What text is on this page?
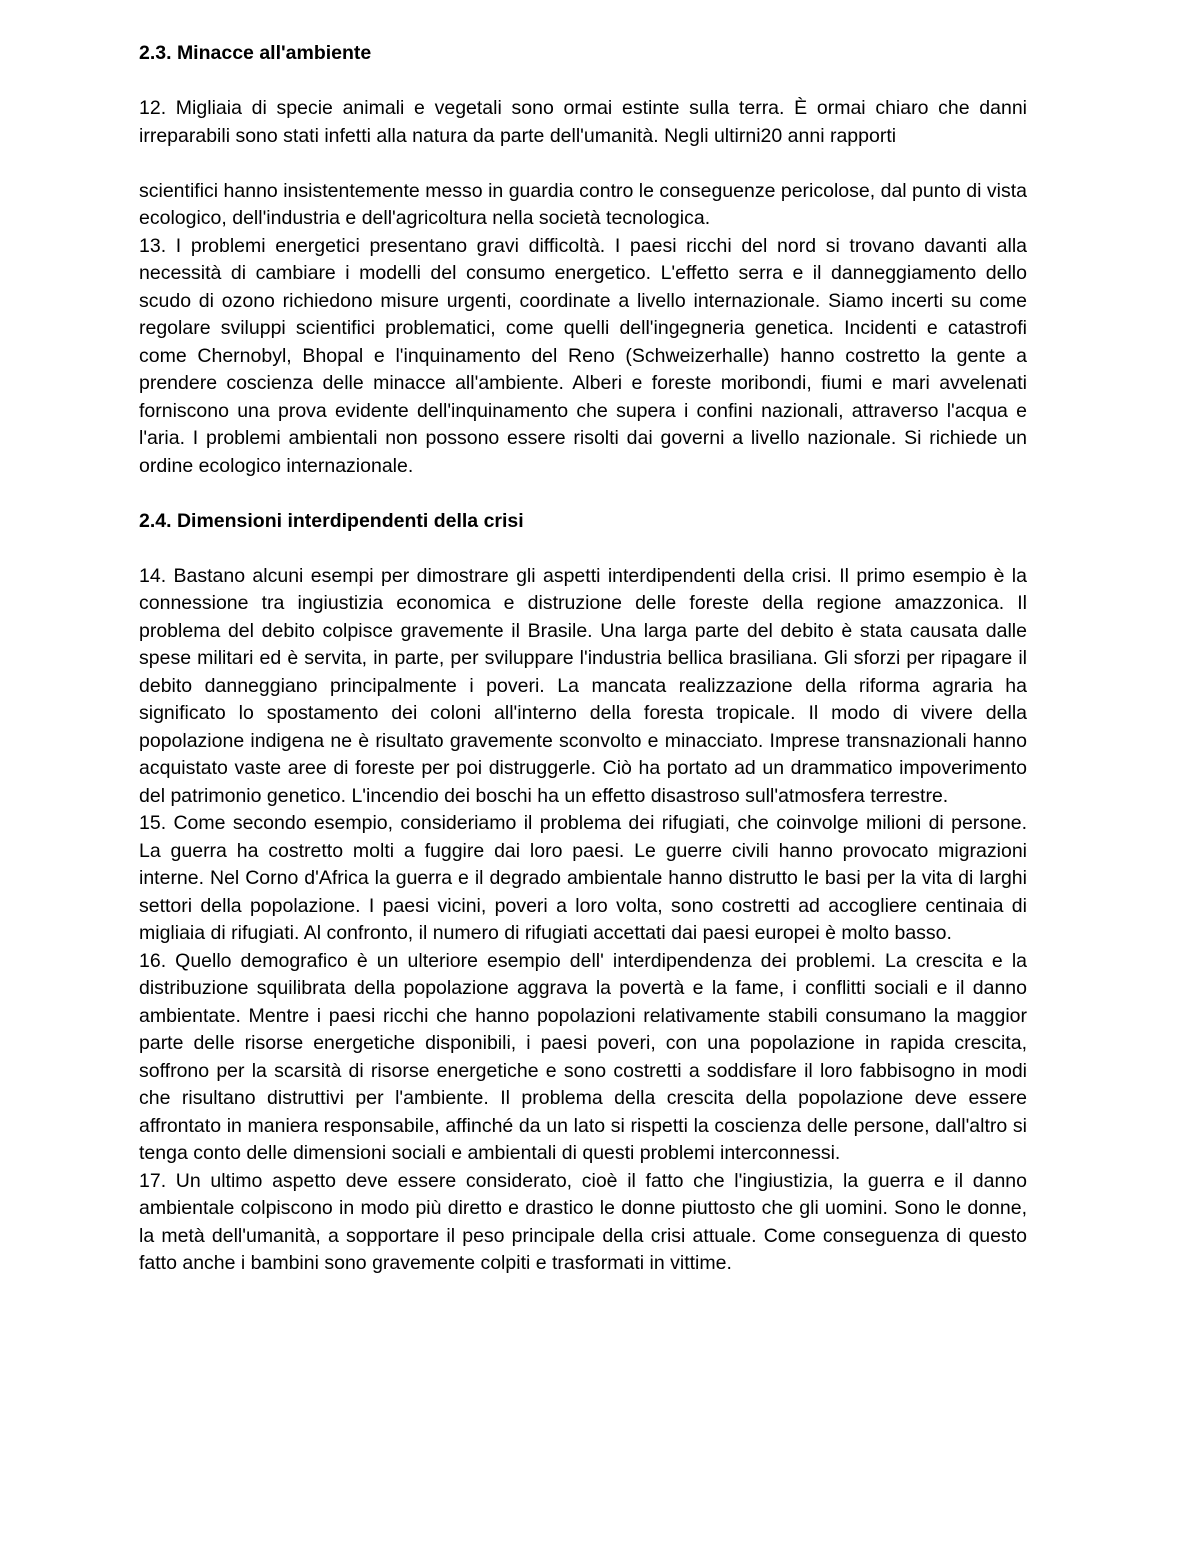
2.3. Minacce all'ambiente

12. Migliaia di specie animali e vegetali sono ormai estinte sulla terra. È ormai chiaro che danni irreparabili sono stati infetti alla natura da parte dell'umanità. Negli ultirni20 anni rapporti

scientifici hanno insistentemente messo in guardia contro le conseguenze pericolose, dal punto di vista ecologico, dell'industria e dell'agricoltura nella società tecnologica.

13. I problemi energetici presentano gravi difficoltà. I paesi ricchi del nord si trovano davanti alla necessità di cambiare i modelli del consumo energetico. L'effetto serra e il danneggiamento dello scudo di ozono richiedono misure urgenti, coordinate a livello internazionale. Siamo incerti su come regolare sviluppi scientifici problematici, come quelli dell'ingegneria genetica. Incidenti e catastrofi come Chernobyl, Bhopal e l'inquinamento del Reno (Schweizerhalle) hanno costretto la gente a prendere coscienza delle minacce all'ambiente. Alberi e foreste moribondi, fiumi e mari avvelenati forniscono una prova evidente dell'inquinamento che supera i confini nazionali, attraverso l'acqua e l'aria. I problemi ambientali non possono essere risolti dai governi a livello nazionale. Si richiede un ordine ecologico internazionale.

2.4. Dimensioni interdipendenti della crisi

14. Bastano alcuni esempi per dimostrare gli aspetti interdipendenti della crisi. Il primo esempio è la connessione tra ingiustizia economica e distruzione delle foreste della regione amazzonica. Il problema del debito colpisce gravemente il Brasile. Una larga parte del debito è stata causata dalle spese militari ed è servita, in parte, per sviluppare l'industria bellica brasiliana. Gli sforzi per ripagare il debito danneggiano principalmente i poveri. La mancata realizzazione della riforma agraria ha significato lo spostamento dei coloni all'interno della foresta tropicale. Il modo di vivere della popolazione indigena ne è risultato gravemente sconvolto e minacciato. Imprese transnazionali hanno acquistato vaste aree di foreste per poi distruggerle. Ciò ha portato ad un drammatico impoverimento del patrimonio genetico. L'incendio dei boschi ha un effetto disastroso sull'atmosfera terrestre.

15. Come secondo esempio, consideriamo il problema dei rifugiati, che coinvolge milioni di persone. La guerra ha costretto molti a fuggire dai loro paesi. Le guerre civili hanno provocato migrazioni interne. Nel Corno d'Africa la guerra e il degrado ambientale hanno distrutto le basi per la vita di larghi settori della popolazione. I paesi vicini, poveri a loro volta, sono costretti ad accogliere centinaia di migliaia di rifugiati. Al confronto, il numero di rifugiati accettati dai paesi europei è molto basso.

16. Quello demografico è un ulteriore esempio dell' interdipendenza dei problemi. La crescita e la distribuzione squilibrata della popolazione aggrava la povertà e la fame, i conflitti sociali e il danno ambientate. Mentre i paesi ricchi che hanno popolazioni relativamente stabili consumano la maggior parte delle risorse energetiche disponibili, i paesi poveri, con una popolazione in rapida crescita, soffrono per la scarsità di risorse energetiche e sono costretti a soddisfare il loro fabbisogno in modi che risultano distruttivi per l'ambiente. Il problema della crescita della popolazione deve essere affrontato in maniera responsabile, affinché da un lato si rispetti la coscienza delle persone, dall'altro si tenga conto delle dimensioni sociali e ambientali di questi problemi interconnessi.

17. Un ultimo aspetto deve essere considerato, cioè il fatto che l'ingiustizia, la guerra e il danno ambientale colpiscono in modo più diretto e drastico le donne piuttosto che gli uomini. Sono le donne, la metà dell'umanità, a sopportare il peso principale della crisi attuale. Come conseguenza di questo fatto anche i bambini sono gravemente colpiti e trasformati in vittime.
